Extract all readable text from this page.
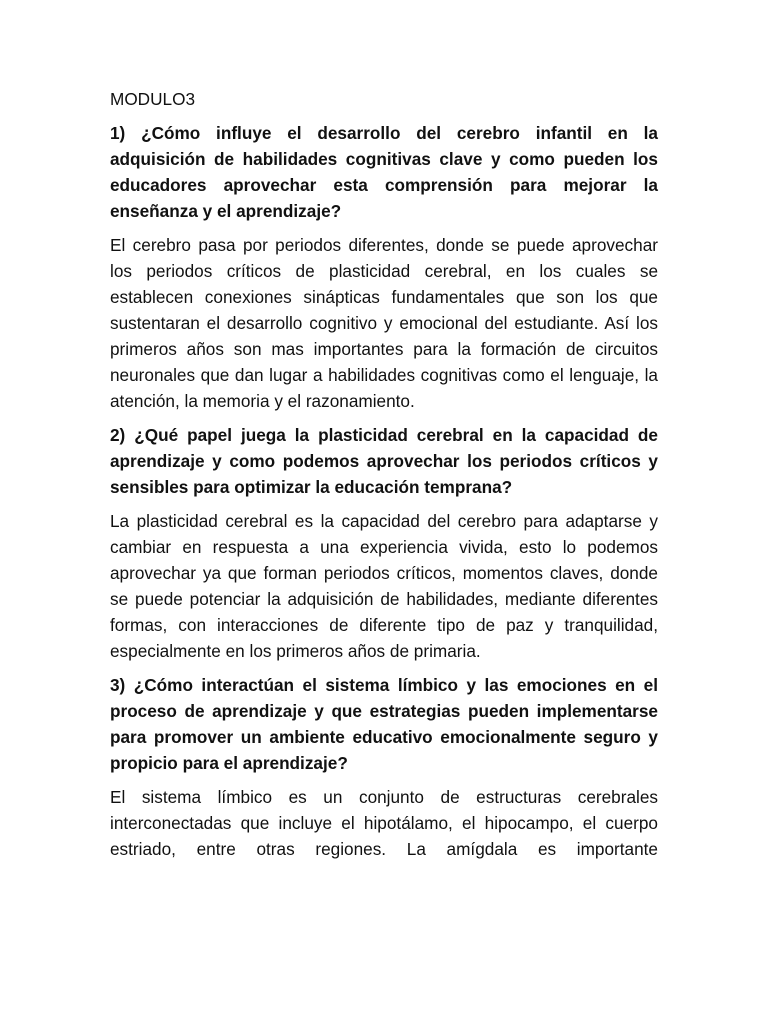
MODULO3

1) ¿Cómo influye el desarrollo del cerebro infantil en la adquisición de habilidades cognitivas clave y como pueden los educadores aprovechar esta comprensión para mejorar la enseñanza y el aprendizaje?

El cerebro pasa por periodos diferentes, donde se puede aprovechar los periodos críticos de plasticidad cerebral, en los cuales se establecen conexiones sinápticas fundamentales que son los que sustentaran el desarrollo cognitivo y emocional del estudiante. Así los primeros años son mas importantes para la formación de circuitos neuronales que dan lugar a habilidades cognitivas como el lenguaje, la atención, la memoria y el razonamiento.

2) ¿Qué papel juega la plasticidad cerebral en la capacidad de aprendizaje y como podemos aprovechar los periodos críticos y sensibles para optimizar la educación temprana?

La plasticidad cerebral es la capacidad del cerebro para adaptarse y cambiar en respuesta a una experiencia vivida, esto lo podemos aprovechar ya que forman periodos críticos, momentos claves, donde se puede potenciar la adquisición de habilidades, mediante diferentes formas, con interacciones de diferente tipo de paz y tranquilidad, especialmente en los primeros años de primaria.

3) ¿Cómo interactúan el sistema límbico y las emociones en el proceso de aprendizaje y que estrategias pueden implementarse para promover un ambiente educativo emocionalmente seguro y propicio para el aprendizaje?

El sistema límbico es un conjunto de estructuras cerebrales interconectadas que incluye el hipotálamo, el hipocampo, el cuerpo estriado, entre otras regiones. La amígdala es importante
